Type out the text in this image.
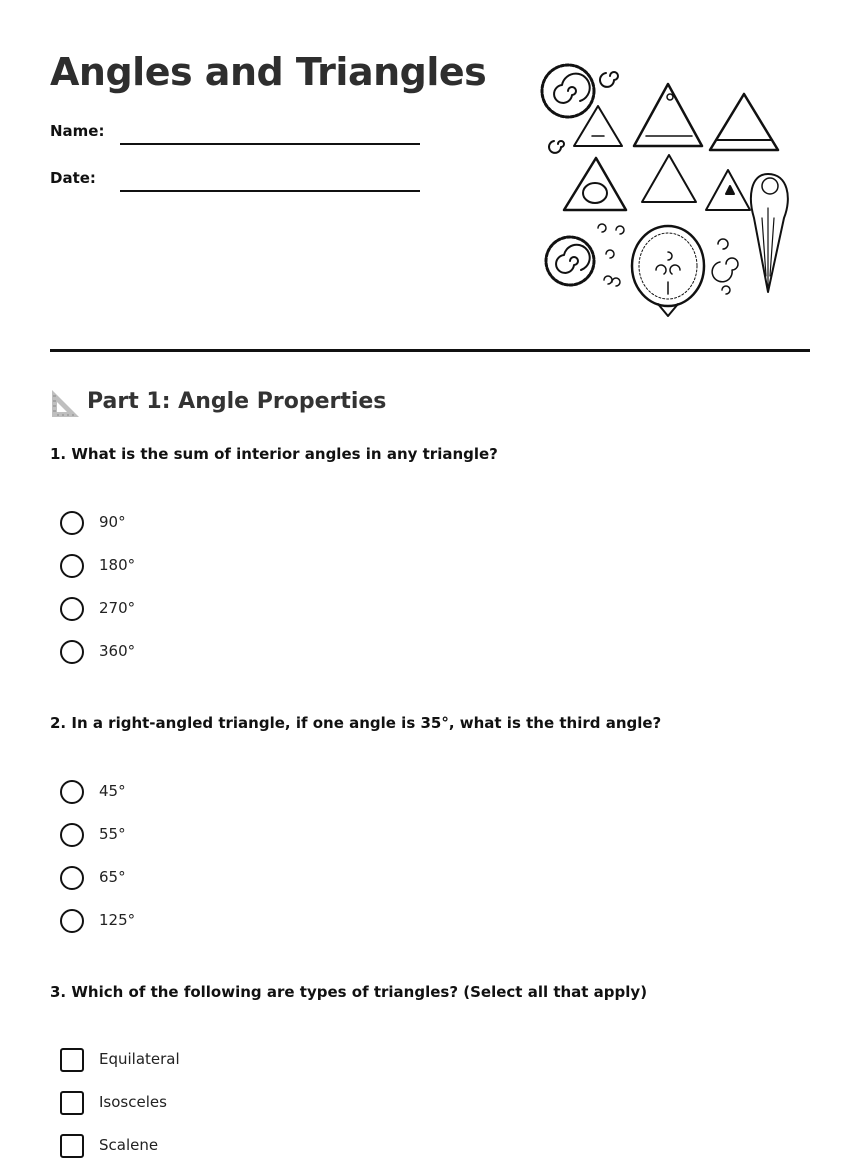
Angles and Triangles
Name:
Date:
Part 1: Angle Properties
1. What is the sum of interior angles in any triangle?
90°
180°
270°
360°
2. In a right-angled triangle, if one angle is 35°, what is the third angle?
45°
55°
65°
125°
3. Which of the following are types of triangles? (Select all that apply)
Equilateral
Isosceles
Scalene
